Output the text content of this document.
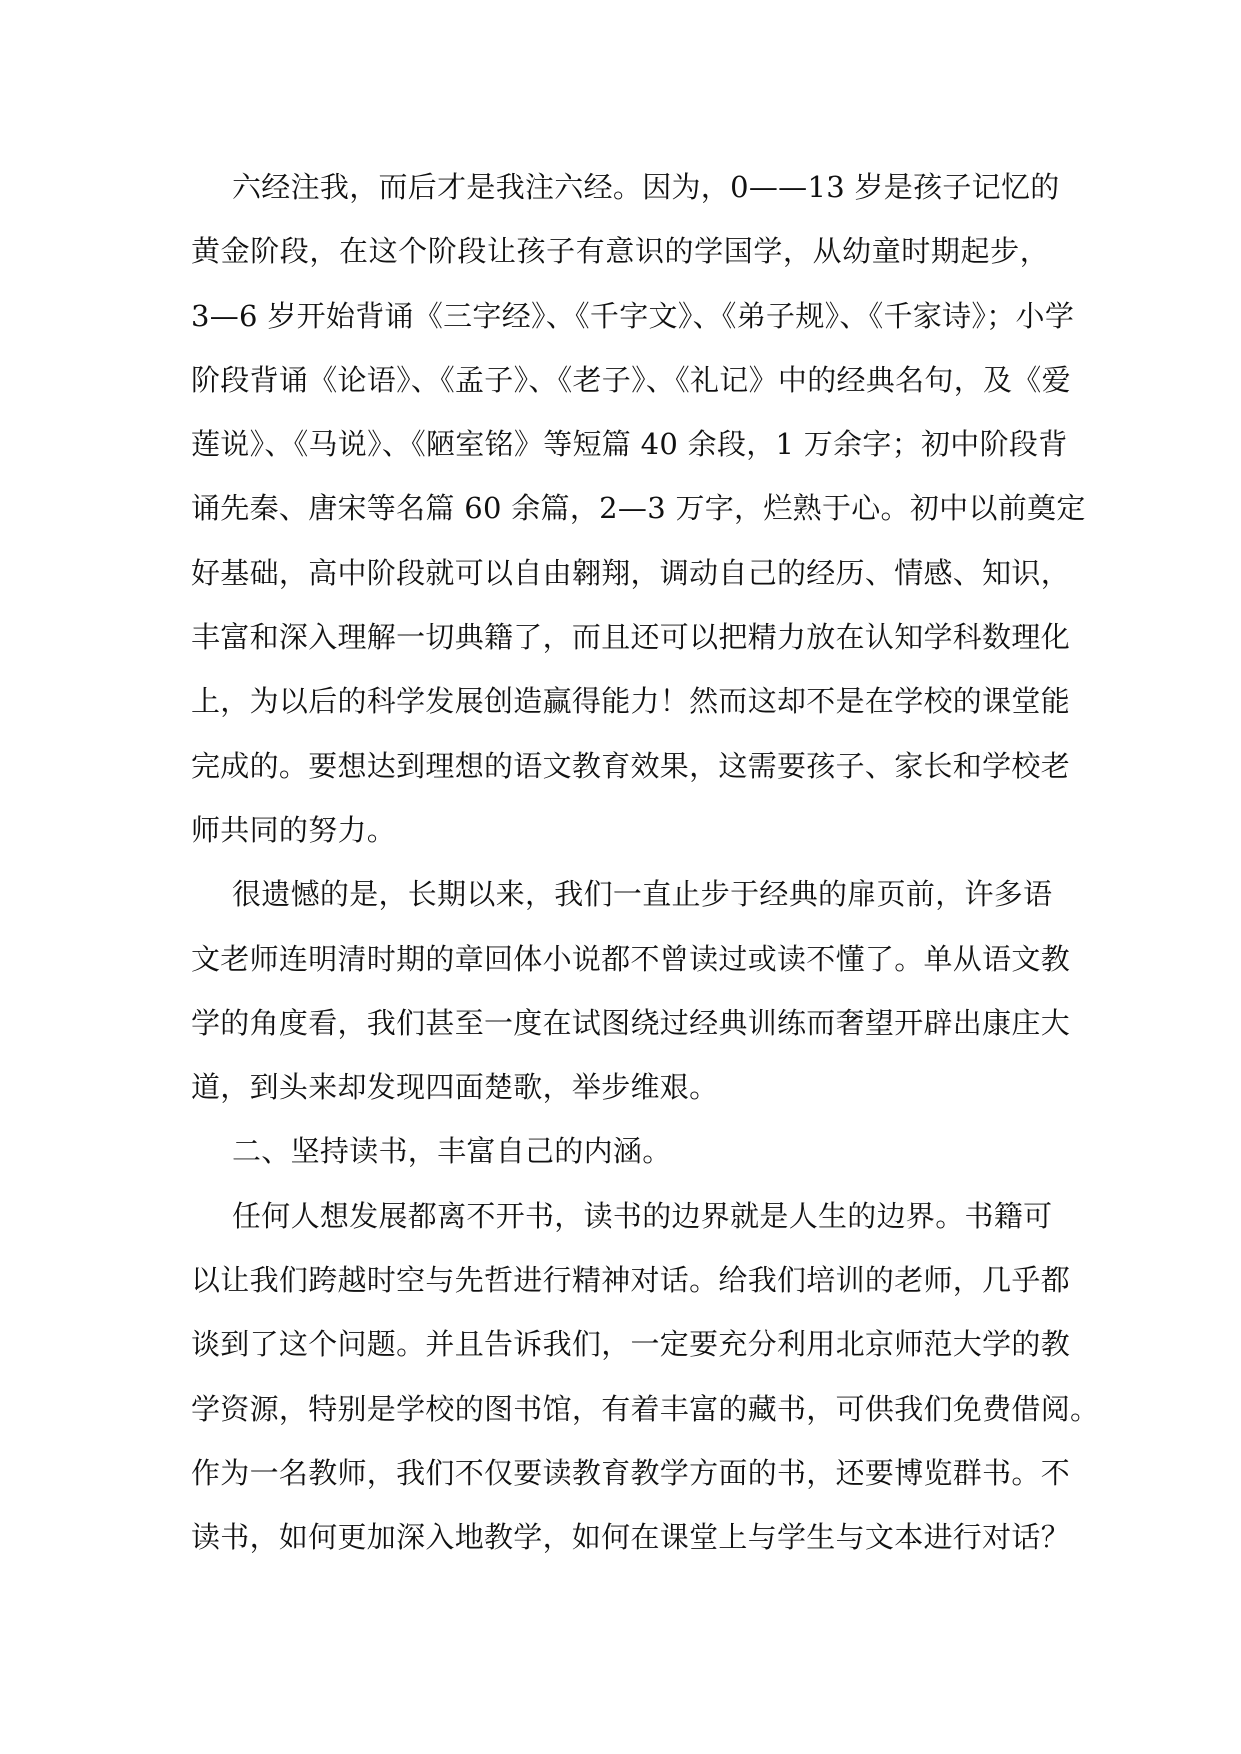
六经注我，而后才是我注六经。因为，0——13 岁是孩子记忆的
黄金阶段，在这个阶段让孩子有意识的学国学，从幼童时期起步，
3—6 岁开始背诵《三字经》、《千字文》、《弟子规》、《千家诗》；小学
阶段背诵《论语》、《孟子》、《老子》、《礼记》中的经典名句，及《爱
莲说》、《马说》、《陋室铭》等短篇 40 余段，1 万余字；初中阶段背
诵先秦、唐宋等名篇 60 余篇，2—3 万字，烂熟于心。初中以前奠定
好基础，高中阶段就可以自由翱翔，调动自己的经历、情感、知识，
丰富和深入理解一切典籍了，而且还可以把精力放在认知学科数理化
上，为以后的科学发展创造赢得能力！然而这却不是在学校的课堂能
完成的。要想达到理想的语文教育效果，这需要孩子、家长和学校老
师共同的努力。
很遗憾的是，长期以来，我们一直止步于经典的扉页前，许多语
文老师连明清时期的章回体小说都不曾读过或读不懂了。单从语文教
学的角度看，我们甚至一度在试图绕过经典训练而奢望开辟出康庄大
道，到头来却发现四面楚歌，举步维艰。
二、坚持读书，丰富自己的内涵。
任何人想发展都离不开书，读书的边界就是人生的边界。书籍可
以让我们跨越时空与先哲进行精神对话。给我们培训的老师，几乎都
谈到了这个问题。并且告诉我们，一定要充分利用北京师范大学的教
学资源，特别是学校的图书馆，有着丰富的藏书，可供我们免费借阅。
作为一名教师，我们不仅要读教育教学方面的书，还要博览群书。不
读书，如何更加深入地教学，如何在课堂上与学生与文本进行对话？
